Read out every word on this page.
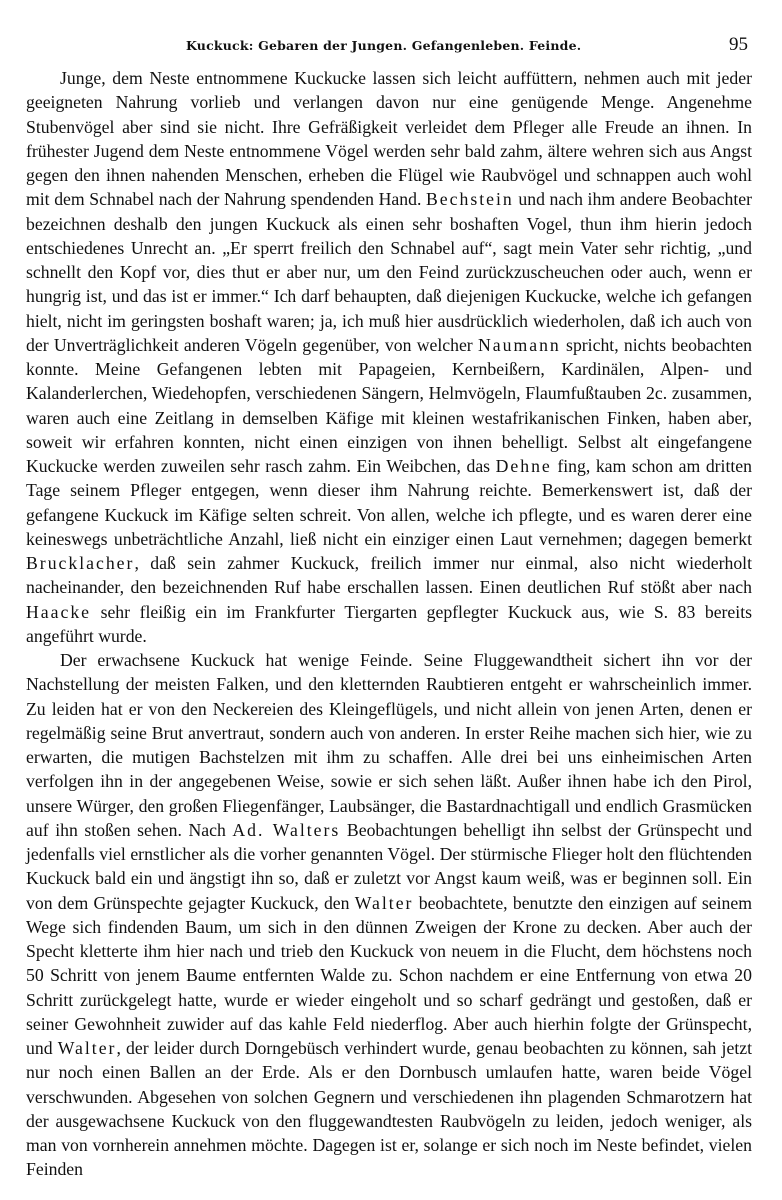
Kuckuck: Gebaren der Jungen. Gefangenleben. Feinde.	95

Junge, dem Neste entnommene Kuckucke lassen sich leicht auffüttern, nehmen auch mit jeder geeigneten Nahrung vorlieb und verlangen davon nur eine genügende Menge. Angenehme Stubenvögel aber sind sie nicht. Ihre Gefräßigkeit verleidet dem Pfleger alle Freude an ihnen. In frühester Jugend dem Neste entnommene Vögel werden sehr bald zahm, ältere wehren sich aus Angst gegen den ihnen nahenden Menschen, erheben die Flügel wie Raubvögel und schnappen auch wohl mit dem Schnabel nach der Nahrung spendenden Hand. Bechstein und nach ihm andere Beobachter bezeichnen deshalb den jungen Kuckuck als einen sehr boshaften Vogel, thun ihm hierin jedoch entschiedenes Unrecht an. „Er sperrt freilich den Schnabel auf“, sagt mein Vater sehr richtig, „und schnellt den Kopf vor, dies thut er aber nur, um den Feind zurückzuscheuchen oder auch, wenn er hungrig ist, und das ist er immer.“ Ich darf behaupten, daß diejenigen Kuckucke, welche ich gefangen hielt, nicht im geringsten boshaft waren; ja, ich muß hier ausdrücklich wiederholen, daß ich auch von der Unverträglichkeit anderen Vögeln gegenüber, von welcher Naumann spricht, nichts beobachten konnte. Meine Gefangenen lebten mit Papageien, Kernbeißern, Kardinälen, Alpen- und Kalanderlerchen, Wiedehopfen, verschiedenen Sängern, Helmvögeln, Flaumfußtauben 2c. zusammen, waren auch eine Zeitlang in demselben Käfige mit kleinen westafrikanischen Finken, haben aber, soweit wir erfahren konnten, nicht einen einzigen von ihnen behelligt. Selbst alt eingefangene Kuckucke werden zuweilen sehr rasch zahm. Ein Weibchen, das Dehne fing, kam schon am dritten Tage seinem Pfleger entgegen, wenn dieser ihm Nahrung reichte. Bemerkenswert ist, daß der gefangene Kuckuck im Käfige selten schreit. Von allen, welche ich pflegte, und es waren derer eine keineswegs unbeträchtliche Anzahl, ließ nicht ein einziger einen Laut vernehmen; dagegen bemerkt Brucklacher, daß sein zahmer Kuckuck, freilich immer nur einmal, also nicht wiederholt nacheinander, den bezeichnenden Ruf habe erschallen lassen. Einen deutlichen Ruf stößt aber nach Haacke sehr fleißig ein im Frankfurter Tiergarten gepflegter Kuckuck aus, wie S. 83 bereits angeführt wurde.

Der erwachsene Kuckuck hat wenige Feinde. Seine Fluggewandtheit sichert ihn vor der Nachstellung der meisten Falken, und den kletternden Raubtieren entgeht er wahrscheinlich immer. Zu leiden hat er von den Neckereien des Kleingeflügels, und nicht allein von jenen Arten, denen er regelmäßig seine Brut anvertraut, sondern auch von anderen. In erster Reihe machen sich hier, wie zu erwarten, die mutigen Bachstelzen mit ihm zu schaffen. Alle drei bei uns einheimischen Arten verfolgen ihn in der angegebenen Weise, sowie er sich sehen läßt. Außer ihnen habe ich den Pirol, unsere Würger, den großen Fliegenfänger, Laubsänger, die Bastardnachtigall und endlich Grasmücken auf ihn stoßen sehen. Nach Ad. Walters Beobachtungen behelligt ihn selbst der Grünspecht und jedenfalls viel ernstlicher als die vorher genannten Vögel. Der stürmische Flieger holt den flüchtenden Kuckuck bald ein und ängstigt ihn so, daß er zuletzt vor Angst kaum weiß, was er beginnen soll. Ein von dem Grünspechte gejagter Kuckuck, den Walter beobachtete, benutzte den einzigen auf seinem Wege sich findenden Baum, um sich in den dünnen Zweigen der Krone zu decken. Aber auch der Specht kletterte ihm hier nach und trieb den Kuckuck von neuem in die Flucht, dem höchstens noch 50 Schritt von jenem Baume entfernten Walde zu. Schon nachdem er eine Entfernung von etwa 20 Schritt zurückgelegt hatte, wurde er wieder eingeholt und so scharf gedrängt und gestoßen, daß er seiner Gewohnheit zuwider auf das kahle Feld niederflog. Aber auch hierhin folgte der Grünspecht, und Walter, der leider durch Dorngebüsch verhindert wurde, genau beobachten zu können, sah jetzt nur noch einen Ballen an der Erde. Als er den Dornbusch umlaufen hatte, waren beide Vögel verschwunden. Abgesehen von solchen Gegnern und verschiedenen ihn plagenden Schmarotzern hat der ausgewachsene Kuckuck von den fluggewandtesten Raubvögeln zu leiden, jedoch weniger, als man von vornherein annehmen möchte. Dagegen ist er, solange er sich noch im Neste befindet, vielen Feinden
